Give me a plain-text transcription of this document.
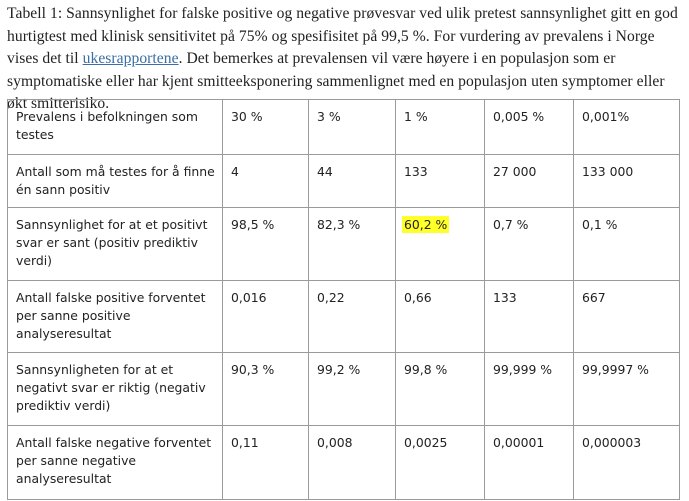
Tabell 1: Sannsynlighet for falske positive og negative prøvesvar ved ulik pretest sannsynlighet gitt en god hurtigtest med klinisk sensitivitet på 75% og spesifisitet på 99,5 %. For vurdering av prevalens i Norge vises det til ukesrapportene. Det bemerkes at prevalensen vil være høyere i en populasjon som er symptomatiske eller har kjent smitteeksponering sammenlignet med en populasjon uten symptomer eller økt smitterisiko.
Prevalens i befolkningen som testes	30 %	3 %	1 %	0,005 %	0,001%
Antall som må testes for å finne én sann positiv	4	44	133	27 000	133 000
Sannsynlighet for at et positivt svar er sant (positiv prediktiv verdi)	98,5 %	82,3 %	60,2 %	0,7 %	0,1 %
Antall falske positive forventet per sanne positive analyseresultat	0,016	0,22	0,66	133	667
Sannsynligheten for at et negativt svar er riktig (negativ prediktiv verdi)	90,3 %	99,2 %	99,8 %	99,999 %	99,9997 %
Antall falske negative forventet per sanne negative analyseresultat	0,11	0,008	0,0025	0,00001	0,000003
